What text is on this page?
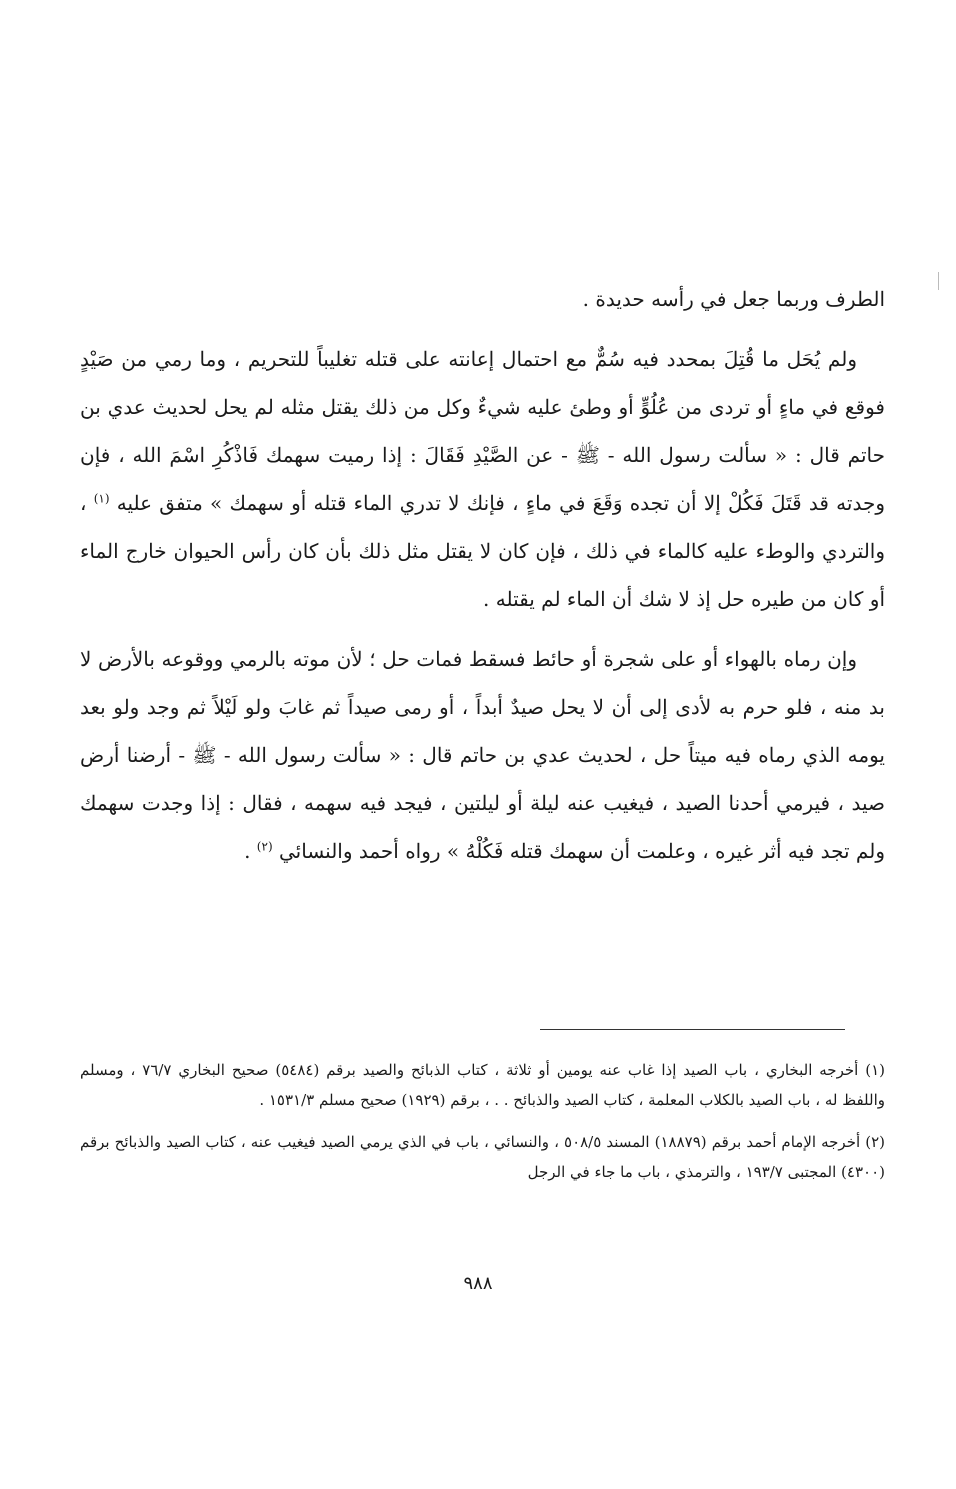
الطرف وربما جعل في رأسه حديدة .

ولم يُحَل ما قُتِلَ بمحدد فيه سُمٌّ مع احتمال إعانته على قتله تغليباً للتحريم ، وما رمي من صَيْدٍ فوقع في ماءٍ أو تردى من عُلُوٍّ أو وطئ عليه شيءٌ وكل من ذلك يقتل مثله لم يحل لحديث عدي بن حاتم قال : « سألت رسول الله - ﷺ - عن الصَّيْدِ فَقَالَ : إذا رميت سهمك فَاذْكُرِ اسْمَ الله ، فإن وجدته قد قَتَلَ فَكُلْ إلا أن تجده وَقَعَ في ماءٍ ، فإنك لا تدري الماء قتله أو سهمك » متفق عليه $^{(١)}$ ، والتردي والوطء عليه كالماء في ذلك ، فإن كان لا يقتل مثل ذلك بأن كان رأس الحيوان خارج الماء أو كان من طيره حل إذ لا شك أن الماء لم يقتله .

وإن رماه بالهواء أو على شجرة أو حائط فسقط فمات حل ؛ لأن موته بالرمي ووقوعه بالأرض لا بد منه ، فلو حرم به لأدى إلى أن لا يحل صيدٌ أبداً ، أو رمى صيداً ثم غابَ ولو لَيْلاً ثم وجد ولو بعد يومه الذي رماه فيه ميتاً حل ، لحديث عدي بن حاتم قال : « سألت رسول الله - ﷺ - أرضنا أرض صيد ، فيرمي أحدنا الصيد ، فيغيب عنه ليلة أو ليلتين ، فيجد فيه سهمه ، فقال : إذا وجدت سهمك ولم تجد فيه أثر غيره ، وعلمت أن سهمك قتله فَكُلْهُ » رواه أحمد والنسائي $^{(٢)}$ .

(١) أخرجه البخاري ، باب الصيد إذا غاب عنه يومين أو ثلاثة ، كتاب الذبائح والصيد برقم (٥٤٨٤) صحيح البخاري ٧٦/٧ ، ومسلم واللفظ له ، باب الصيد بالكلاب المعلمة ، كتاب الصيد والذبائح . . ، برقم (١٩٢٩) صحيح مسلم ١٥٣١/٣ .

(٢) أخرجه الإمام أحمد برقم (١٨٨٧٩) المسند ٥٠٨/٥ ، والنسائي ، باب في الذي يرمي الصيد فيغيب عنه ، كتاب الصيد والذبائح برقم (٤٣٠٠) المجتبى ١٩٣/٧ ، والترمذي ، باب ما جاء في الرجل

٩٨٨
